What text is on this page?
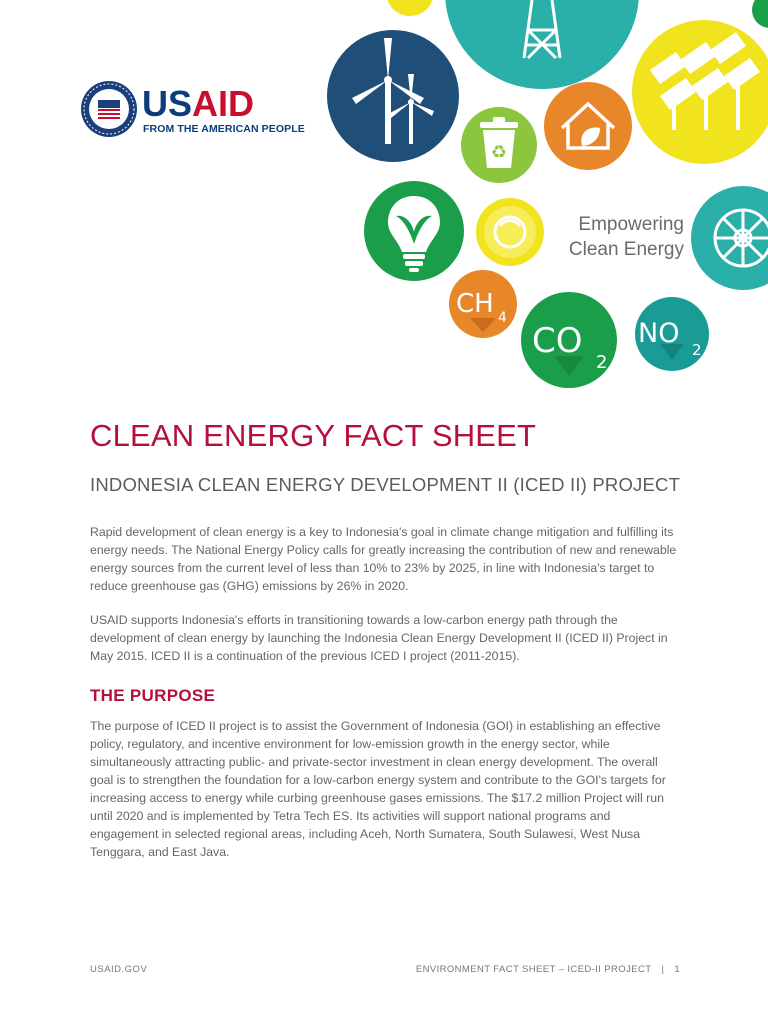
♻
CH 4
CO
2
NO
2
USAID
FROM THE AMERICAN PEOPLE
Empowering
Clean Energy
CLEAN ENERGY FACT SHEET
INDONESIA CLEAN ENERGY DEVELOPMENT II (ICED II) PROJECT

Rapid development of clean energy is a key to Indonesia's goal in climate change mitigation and fulfilling its energy needs. The National Energy Policy calls for greatly increasing the contribution of new and renewable energy sources from the current level of less than 10% to 23% by 2025, in line with Indonesia's target to reduce greenhouse gas (GHG) emissions by 26% in 2020.

USAID supports Indonesia's efforts in transitioning towards a low-carbon energy path through the development of clean energy by launching the Indonesia Clean Energy Development II (ICED II) Project in May 2015. ICED II is a continuation of the previous ICED I project (2011-2015).

THE PURPOSE

The purpose of ICED II project is to assist the Government of Indonesia (GOI) in establishing an effective policy, regulatory, and incentive environment for low-emission growth in the energy sector, while simultaneously attracting public- and private-sector investment in clean energy development. The overall goal is to strengthen the foundation for a low-carbon energy system and contribute to the GOI's targets for increasing access to energy while curbing greenhouse gases emissions. The $17.2 million Project will run until 2020 and is implemented by Tetra Tech ES. Its activities will support national programs and engagement in selected regional areas, including Aceh, North Sumatera, South Sulawesi, West Nusa Tenggara, and East Java.

USAID.GOV	ENVIRONMENT FACT SHEET – ICED-II PROJECT | 1
